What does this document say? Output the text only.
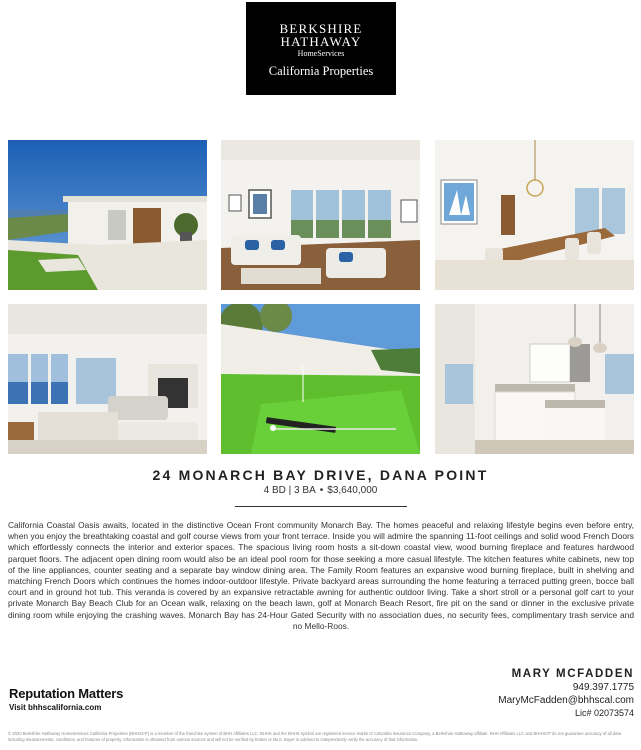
BERKSHIRE
HATHAWAY
HomeServices
California Properties
24 MONARCH BAY DRIVE, DANA POINT
4 BD | 3 BA • $3,640,000

California Coastal Oasis awaits, located in the distinctive Ocean Front community Monarch Bay. The homes peaceful and relaxing lifestyle begins even before entry, when you enjoy the breathtaking coastal and golf course views from your front terrace. Inside you will admire the spanning 11-foot ceilings and solid wood French Doors which effortlessly connects the interior and exterior spaces. The spacious living room hosts a sit-down coastal view, wood burning fireplace and features hardwood parquet floors. The adjacent open dining room would also be an ideal pool room for those seeking a more casual lifestyle. The kitchen features white cabinets, new top of the line appliances, counter seating and a separate bay window dining area. The Family Room features an expansive wood burning fireplace, built in shelving and matching French Doors which continues the homes indoor-outdoor lifestyle. Private backyard areas surrounding the home featuring a terraced putting green, bocce ball court and in ground hot tub. This veranda is covered by an expansive retractable awning for authentic outdoor living. Take a short stroll or a personal golf cart to your private Monarch Bay Beach Club for an Ocean walk, relaxing on the beach lawn, golf at Monarch Beach Resort, fire pit on the sand or dinner in the exclusive private dining room while enjoying the crashing waves. Monarch Bay has 24-Hour Gated Security with no association dues, no security fees, complimentary trash service and no Mello-Roos.

Reputation Matters
Visit bhhscalifornia.com
MARY MCFADDEN
949.397.1775
MaryMcFadden@bhhscal.com
Lic# 02073574
© 2020 Berkshire Hathaway HomeServices California Properties (BHHSCP) is a member of the franchise system of BHH Affiliates LLC. BHHS and the BHHS symbol are registered service marks of Columbia Insurance Company, a Berkshire Hathaway affiliate. BHH Affiliates LLC and BHHSCP do not guarantee accuracy of all data including measurements, conditions, and features of property. Information is obtained from various sources and will not be verified by broker or MLS. Buyer is advised to independently verify the accuracy of that information.
